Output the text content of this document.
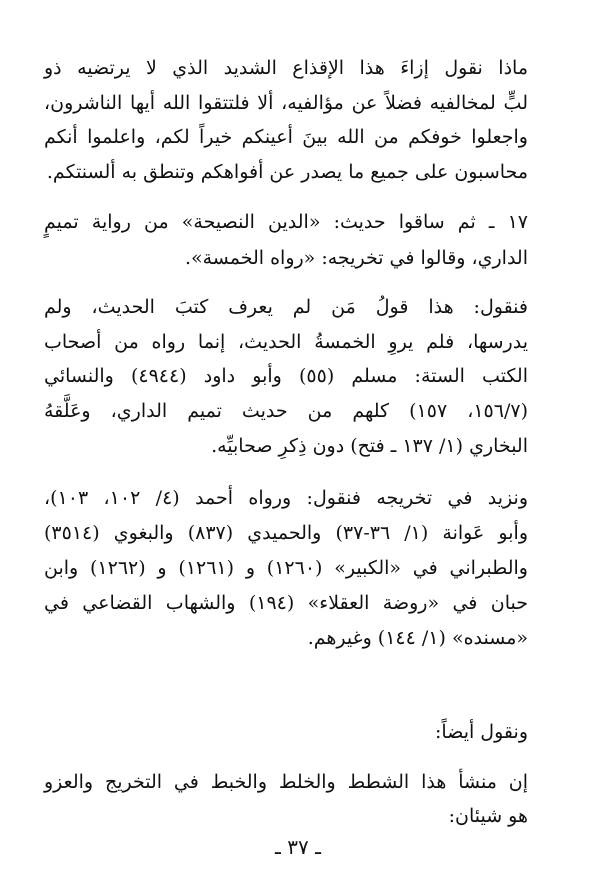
ماذا نقول إزاءَ هذا الإقذاع الشديد الذي لا يرتضيه ذو

لبٍّ لمخالفيه فضلاً عن مؤالفيه، ألا فلتتقوا الله أيها الناشرون،

واجعلوا خوفكم من الله بينَ أعينكم خيراً لكم، واعلموا أنكم

محاسبون على جميع ما يصدر عن أفواهكم وتنطق به ألسنتكم.

١٧ ـ ثم ساقوا حديث: «الدين النصيحة» من رواية تميمٍ

الداري، وقالوا في تخريجه: «رواه الخمسة».

فنقول: هذا قولُ مَن لم يعرف كتبَ الحديث، ولم

يدرسها، فلم يروِ الخمسةُ الحديث، إنما رواه من أصحاب

الكتب الستة: مسلم (٥٥) وأبو داود (٤٩٤٤) والنسائي

(١٥٦/٧، ١٥٧) كلهم من حديث تميم الداري، وعَلَّقهُ

البخاري (١/ ١٣٧ ـ فتح) دون ذِكرِ صحابيِّه.

ونزيد في تخريجه فنقول: ورواه أحمد (٤/ ١٠٢، ١٠٣)،

وأبو عَوانة (١/ ٣٦-٣٧) والحميدي (٨٣٧) والبغوي (٣٥١٤)

والطبراني في «الكبير» (١٢٦٠) و (١٢٦١) و (١٢٦٢) وابن

حبان في «روضة العقلاء» (١٩٤) والشهاب القضاعي في

«مسنده» (١/ ١٤٤) وغيرهم.

ونقول أيضاً:

إن منشأ هذا الشطط والخلط والخبط في التخريج والعزو

هو شيئان:

ـ ٣٧ ـ
